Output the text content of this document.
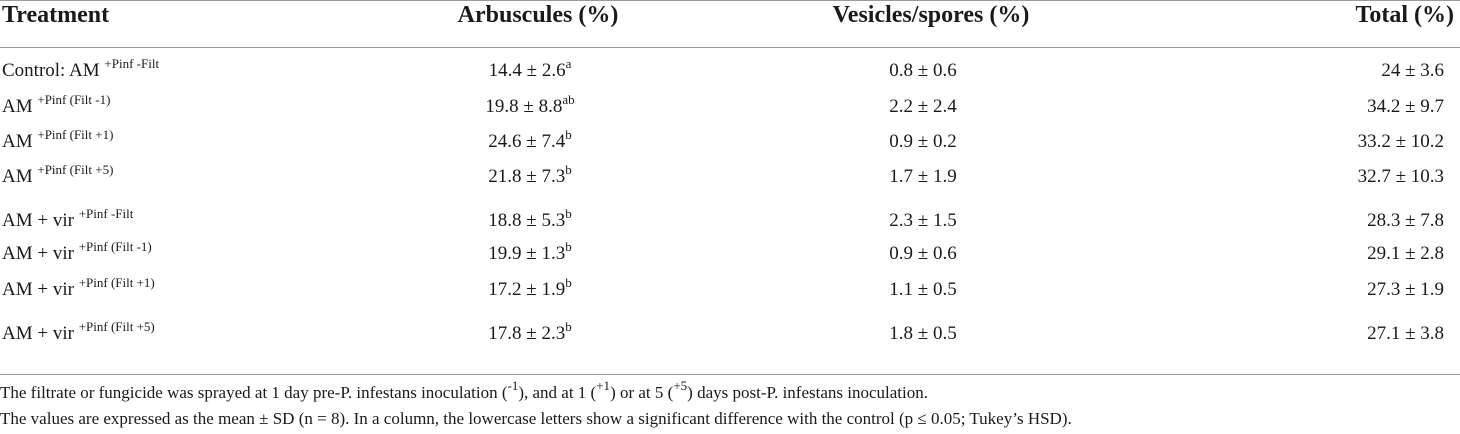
Treatment	Arbuscules (%)	Vesicles/spores (%)	Total (%)
Control: AM $^{+Pinf -Filt}$	14.4 ± 2.6$^a$	0.8 ± 0.6	24 ± 3.6
AM $^{+Pinf (Filt -1)}$	19.8 ± 8.8$^{ab}$	2.2 ± 2.4	34.2 ± 9.7
AM $^{+Pinf (Filt +1)}$	24.6 ± 7.4$^b$	0.9 ± 0.2	33.2 ± 10.2
AM $^{+Pinf (Filt +5)}$	21.8 ± 7.3$^b$	1.7 ± 1.9	32.7 ± 10.3
AM + vir $^{+Pinf -Filt}$	18.8 ± 5.3$^b$	2.3 ± 1.5	28.3 ± 7.8
AM + vir $^{+Pinf (Filt -1)}$	19.9 ± 1.3$^b$	0.9 ± 0.6	29.1 ± 2.8
AM + vir $^{+Pinf (Filt +1)}$	17.2 ± 1.9$^b$	1.1 ± 0.5	27.3 ± 1.9
AM + vir $^{+Pinf (Filt +5)}$	17.8 ± 2.3$^b$	1.8 ± 0.5	27.1 ± 3.8
The filtrate or fungicide was sprayed at 1 day pre-P. infestans inoculation ($^{-1}$), and at 1 ($^{+1}$) or at 5 ($^{+5}$) days post-P. infestans inoculation.
The values are expressed as the mean ± SD (n = 8). In a column, the lowercase letters show a significant difference with the control (p ≤ 0.05; Tukey’s HSD).
